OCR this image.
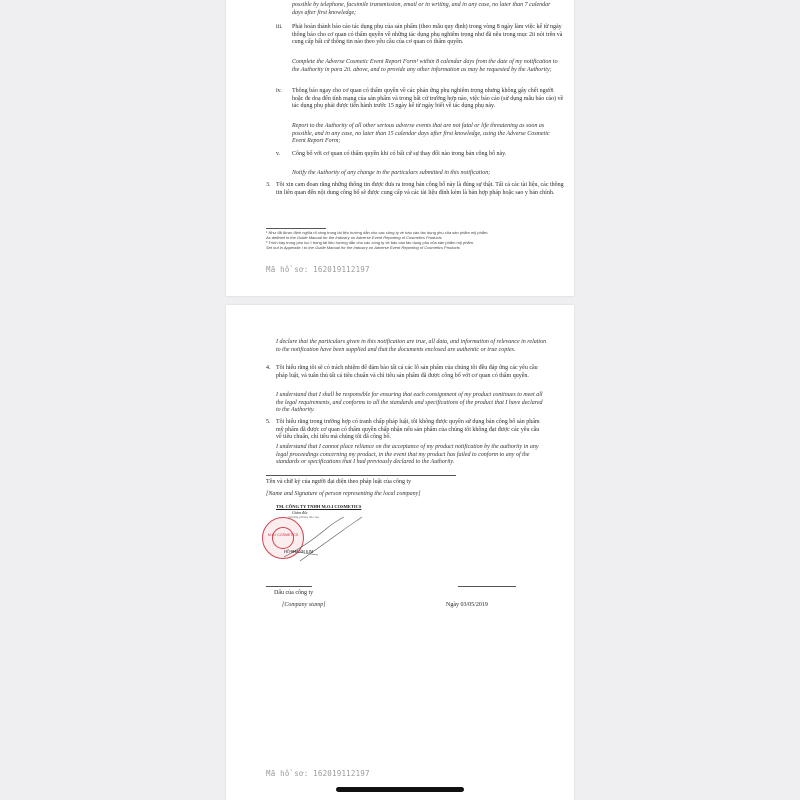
possible by telephone, facsimile transmission, email or in writing, and in any case, no later than 7 calendar days after first knowledge;

iii. Phải hoàn thành báo cáo tác dụng phụ của sản phẩm (theo mẫu quy định) trong vòng 8 ngày làm việc kể từ ngày thông báo cho cơ quan có thẩm quyền về những tác dụng phụ nghiêm trọng như đã nêu trong mục 2ii nói trên và cung cấp bất cứ thông tin nào theo yêu cầu của cơ quan có thẩm quyền.

Complete the Adverse Cosmetic Event Report Form¹ within 8 calendar days from the date of my notification to the Authority in para 2ii. above, and to provide any other information as may be requested by the Authority;

iv. Thông báo ngay cho cơ quan có thẩm quyền về các phản ứng phụ nghiêm trọng nhưng không gây chết người hoặc đe doạ đến tính mạng của sản phẩm và trong bất cứ trường hợp nào, việc báo cáo (sử dụng mẫu báo cáo) về tác dụng phụ phải được tiến hành trước 15 ngày kể từ ngày biết về tác dụng phụ này.

Report to the Authority of all other serious adverse events that are not fatal or life threatening as soon as possible, and in any case, no later than 15 calendar days after first knowledge, using the Adverse Cosmetic Event Report Form;

v. Công bố với cơ quan có thẩm quyền khi có bất cứ sự thay đổi nào trong bản công bố này.

Notify the Authority of any change in the particulars submitted in this notification;

3. Tôi xin cam đoan rằng những thông tin được đưa ra trong bản công bố này là đúng sự thật. Tất cả các tài liệu, các thông tin liên quan đến nội dung công bố sẽ được cung cấp và các tài liệu đính kèm là bản hợp pháp hoặc sao y bản chính.

¹ Như đã được định nghĩa rõ ràng trong tài liệu hướng dẫn cho các công ty về báo cáo tác dụng phụ của sản phẩm mỹ phẩm.
As defined in the Guide Manual for the Industry on Adverse Event Reporting of Cosmetics Products
² Trình bày trong phụ lục I trong tài liệu hướng dẫn cho các công ty về báo cáo tác dụng phụ của sản phẩm mỹ phẩm.
Set out in Appendix I to the Guide Manual for the Industry on Adverse Event Reporting of Cosmetics Products
Mã hồ sơ: 162019112197

I declare that the particulars given in this notification are true, all data, and information of relevance in relation to the notification have been supplied and that the documents enclosed are authentic or true copies.

4. Tôi hiểu rằng tôi sẽ có trách nhiệm để đảm bảo tất cả các lô sản phẩm của chúng tôi đều đáp ứng các yêu cầu pháp luật, và tuân thủ tất cả tiêu chuẩn và chỉ tiêu sản phẩm đã được công bố với cơ quan có thẩm quyền.

I understand that I shall be responsible for ensuring that each consignment of my product continues to meet all the legal requirements, and conforms to all the standards and specifications of the product that I have declared to the Authority.

5. Tôi hiểu rằng trong trường hợp có tranh chấp pháp luật, tôi không được quyền sử dụng bản công bố sản phẩm mỹ phẩm đã được cơ quan có thẩm quyền chấp nhận nếu sản phẩm của chúng tôi không đạt được các yêu cầu về tiêu chuẩn, chỉ tiêu mà chúng tôi đã công bố.

I understand that I cannot place reliance on the acceptance of my product notification by the authority in any legal proceedings concerning my product, in the event that my product has failed to conform to any of the standards or specifications that I had previously declared to the Authority.

Tên và chữ ký của người đại diện theo pháp luật của công ty

[Name and Signature of person representing the local company]

TM. CÔNG TY TNHH M.O.I COSMETICS
Giám đốc
Trưởng phòng đào tạo
M.O.I COSMETICS
HỒ THANH KIM

Dấu của công ty

[Company stamp]	Ngày 03/05/2019

Mã hồ sơ: 162019112197
